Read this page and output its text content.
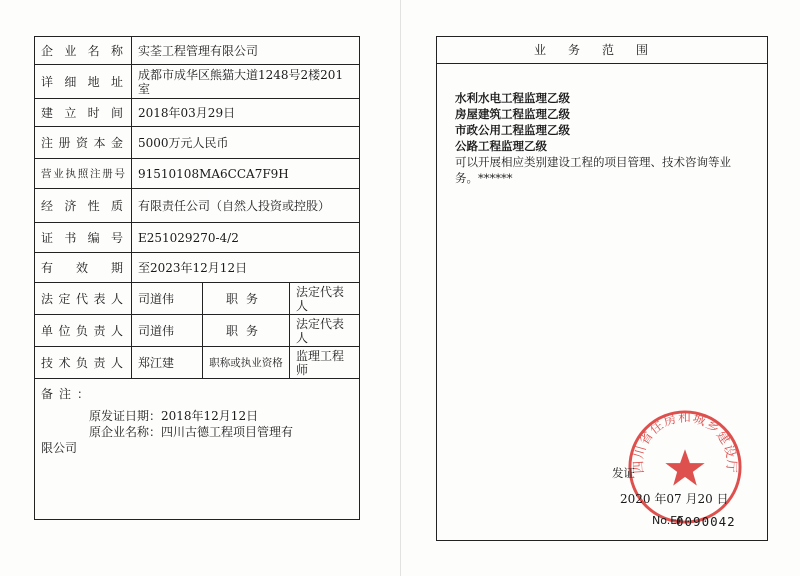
企业名称	实荃工程管理有限公司		
详细地址	成都市成华区熊猫大道1248号2楼201室		
建立时间	2018年03月29日		
注册资本金	5000万元人民币		
营业执照注册号	91510108MA6CCA7F9H		
经济性质	有限责任公司（自然人投资或控股）		
证书编号	E251029270-4/2		
有效期	至2023年12月12日		
法定代表人	司道伟	职务	法定代表人
单位负责人	司道伟	职务	法定代表人
技术负责人	郑江建	职称或执业资格	监理工程师

备注：
原发证日期：2018年12月12日
原企业名称：四川古德工程项目管理有
限公司			
业务范围
水利水电工程监理乙级
房屋建筑工程监理乙级
市政公用工程监理乙级
公路工程监理乙级
可以开展相应类别建设工程的项目管理、技术咨询等业务。******
四川省住房和城乡建设厅
发证
2020 年07 月20 日
No.EF
0090042
